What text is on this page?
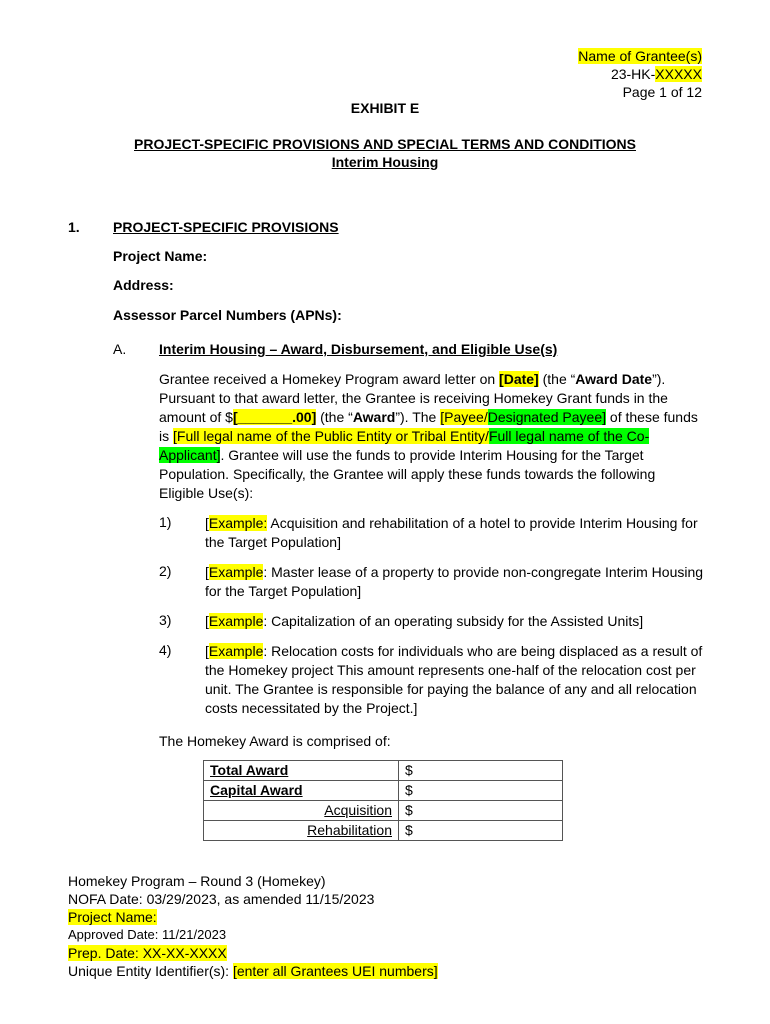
Name of Grantee(s)
23-HK-XXXXX
Page 1 of 12
EXHIBIT E
PROJECT-SPECIFIC PROVISIONS AND SPECIAL TERMS AND CONDITIONS
Interim Housing
1. PROJECT-SPECIFIC PROVISIONS
Project Name:
Address:
Assessor Parcel Numbers (APNs):
A. Interim Housing – Award, Disbursement, and Eligible Use(s)
Grantee received a Homekey Program award letter on [Date] (the “Award Date”). Pursuant to that award letter, the Grantee is receiving Homekey Grant funds in the amount of $[_______.00] (the “Award”). The [Payee/Designated Payee] of these funds is [Full legal name of the Public Entity or Tribal Entity/Full legal name of the Co-Applicant]. Grantee will use the funds to provide Interim Housing for the Target Population. Specifically, the Grantee will apply these funds towards the following Eligible Use(s):
1) [Example: Acquisition and rehabilitation of a hotel to provide Interim Housing for the Target Population]
2) [Example: Master lease of a property to provide non-congregate Interim Housing for the Target Population]
3) [Example: Capitalization of an operating subsidy for the Assisted Units]
4) [Example: Relocation costs for individuals who are being displaced as a result of the Homekey project This amount represents one-half of the relocation cost per unit. The Grantee is responsible for paying the balance of any and all relocation costs necessitated by the Project.]
The Homekey Award is comprised of:
Total Award	$
Capital Award	$
Acquisition	$
Rehabilitation	$
Homekey Program – Round 3 (Homekey)
NOFA Date: 03/29/2023, as amended 11/15/2023
Project Name:
Approved Date: 11/21/2023
Prep. Date: XX-XX-XXXX
Unique Entity Identifier(s): [enter all Grantees UEI numbers]
